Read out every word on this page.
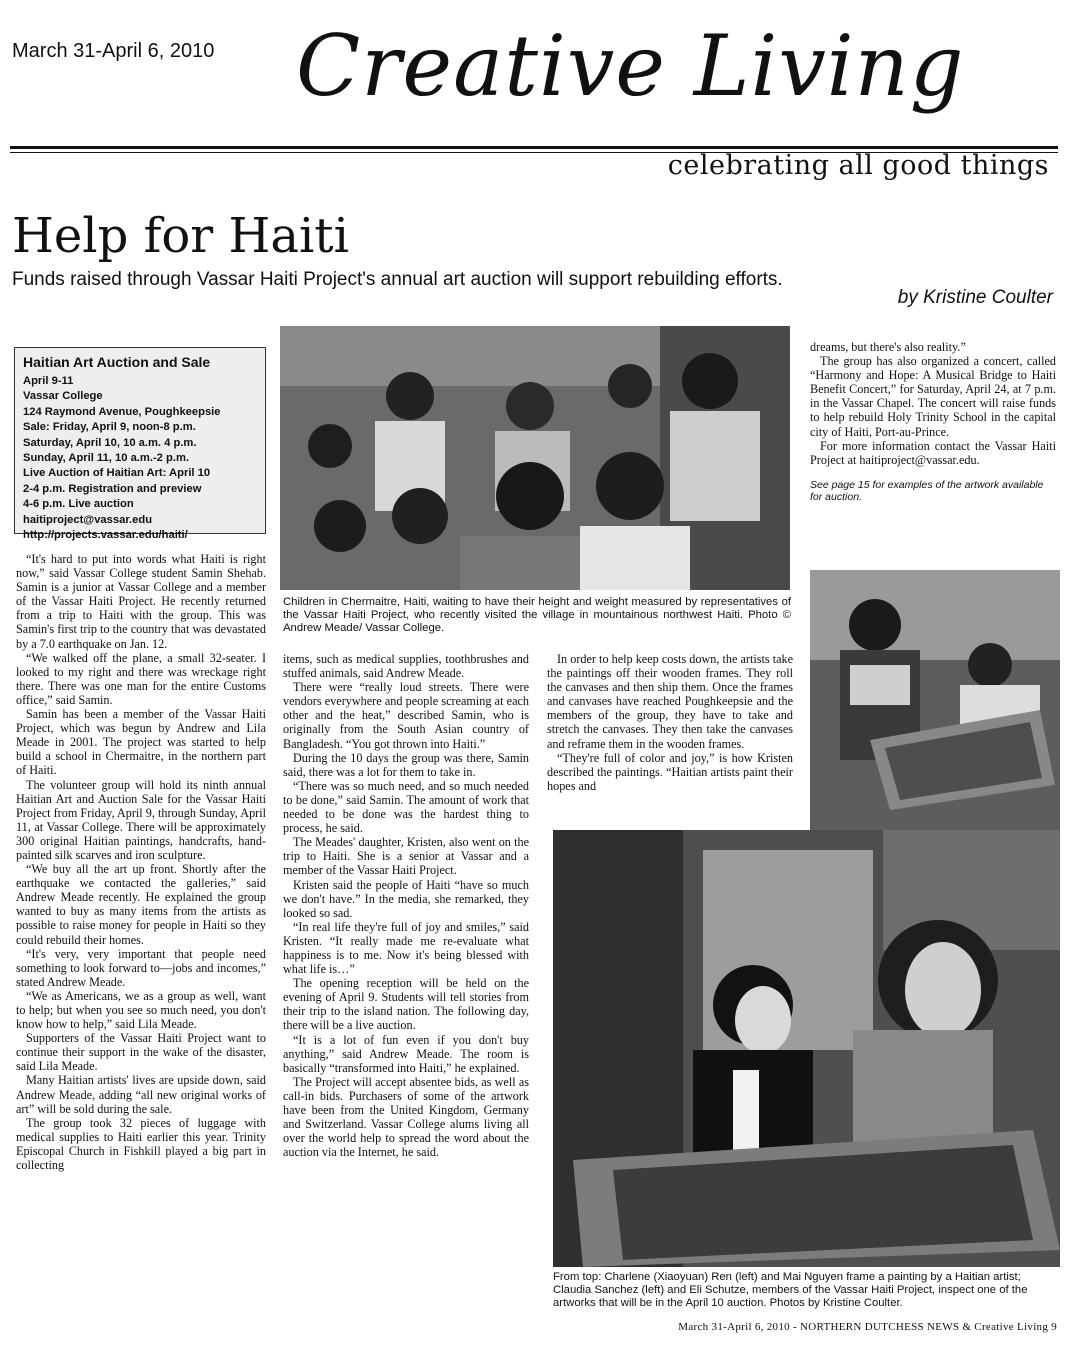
March 31-April 6, 2010 Creative Living
celebrating all good things
Help for Haiti
Funds raised through Vassar Haiti Project's annual art auction will support rebuilding efforts.
by Kristine Coulter
Haitian Art Auction and Sale
April 9-11
Vassar College
124 Raymond Avenue, Poughkeepsie
Sale: Friday, April 9, noon-8 p.m.
Saturday, April 10, 10 a.m. 4 p.m.
Sunday, April 11, 10 a.m.-2 p.m.
Live Auction of Haitian Art: April 10
2-4 p.m. Registration and preview
4-6 p.m. Live auction
haitiproject@vassar.edu
http://projects.vassar.edu/haiti/
Children in Chermaitre, Haiti, waiting to have their height and weight measured by representatives of the Vassar Haiti Project, who recently visited the village in mountainous northwest Haiti. Photo © Andrew Meade/ Vassar College.
From top: Charlene (Xiaoyuan) Ren (left) and Mai Nguyen frame a painting by a Haitian artist; Claudia Sanchez (left) and Eli Schutze, members of the Vassar Haiti Project, inspect one of the artworks that will be in the April 10 auction. Photos by Kristine Coulter.

“It's hard to put into words what Haiti is right now,” said Vassar College student Samin Shehab. Samin is a junior at Vassar College and a member of the Vassar Haiti Project. He recently returned from a trip to Haiti with the group. This was Samin's first trip to the country that was devastated by a 7.0 earthquake on Jan. 12.

“We walked off the plane, a small 32-seater. I looked to my right and there was wreckage right there. There was one man for the entire Customs office,” said Samin.

Samin has been a member of the Vassar Haiti Project, which was begun by Andrew and Lila Meade in 2001. The project was started to help build a school in Chermaitre, in the northern part of Haiti.

The volunteer group will hold its ninth annual Haitian Art and Auction Sale for the Vassar Haiti Project from Friday, April 9, through Sunday, April 11, at Vassar College. There will be approximately 300 original Haitian paintings, handcrafts, hand-painted silk scarves and iron sculpture.

“We buy all the art up front. Shortly after the earthquake we contacted the galleries,” said Andrew Meade recently. He explained the group wanted to buy as many items from the artists as possible to raise money for people in Haiti so they could rebuild their homes.

“It's very, very important that people need something to look forward to—jobs and incomes,” stated Andrew Meade.

“We as Americans, we as a group as well, want to help; but when you see so much need, you don't know how to help,” said Lila Meade.

Supporters of the Vassar Haiti Project want to continue their support in the wake of the disaster, said Lila Meade.

Many Haitian artists' lives are upside down, said Andrew Meade, adding “all new original works of art” will be sold during the sale.

The group took 32 pieces of luggage with medical supplies to Haiti earlier this year. Trinity Episcopal Church in Fishkill played a big part in collecting

items, such as medical supplies, toothbrushes and stuffed animals, said Andrew Meade.

There were “really loud streets. There were vendors everywhere and people screaming at each other and the heat,” described Samin, who is originally from the South Asian country of Bangladesh. “You got thrown into Haiti.”

During the 10 days the group was there, Samin said, there was a lot for them to take in.

“There was so much need, and so much needed to be done,” said Samin. The amount of work that needed to be done was the hardest thing to process, he said.

The Meades' daughter, Kristen, also went on the trip to Haiti. She is a senior at Vassar and a member of the Vassar Haiti Project.

Kristen said the people of Haiti “have so much we don't have.” In the media, she remarked, they looked so sad.

“In real life they're full of joy and smiles,” said Kristen. “It really made me re-evaluate what happiness is to me. Now it's being blessed with what life is…”

The opening reception will be held on the evening of April 9. Students will tell stories from their trip to the island nation. The following day, there will be a live auction.

“It is a lot of fun even if you don't buy anything,” said Andrew Meade. The room is basically “transformed into Haiti,” he explained.

The Project will accept absentee bids, as well as call-in bids. Purchasers of some of the artwork have been from the United Kingdom, Germany and Switzerland. Vassar College alums living all over the world help to spread the word about the auction via the Internet, he said.

In order to help keep costs down, the artists take the paintings off their wooden frames. They roll the canvases and then ship them. Once the frames and canvases have reached Poughkeepsie and the members of the group, they have to take and stretch the canvases. They then take the canvases and reframe them in the wooden frames.

“They're full of color and joy,” is how Kristen described the paintings. “Haitian artists paint their hopes and

dreams, but there's also reality.”

The group has also organized a concert, called “Harmony and Hope: A Musical Bridge to Haiti Benefit Concert,” for Saturday, April 24, at 7 p.m. in the Vassar Chapel. The concert will raise funds to help rebuild Holy Trinity School in the capital city of Haiti, Port-au-Prince.

For more information contact the Vassar Haiti Project at haitiproject@vassar.edu.

See page 15 for examples of the artwork available for auction.

March 31-April 6, 2010 - NORTHERN DUTCHESS NEWS & Creative Living 9
